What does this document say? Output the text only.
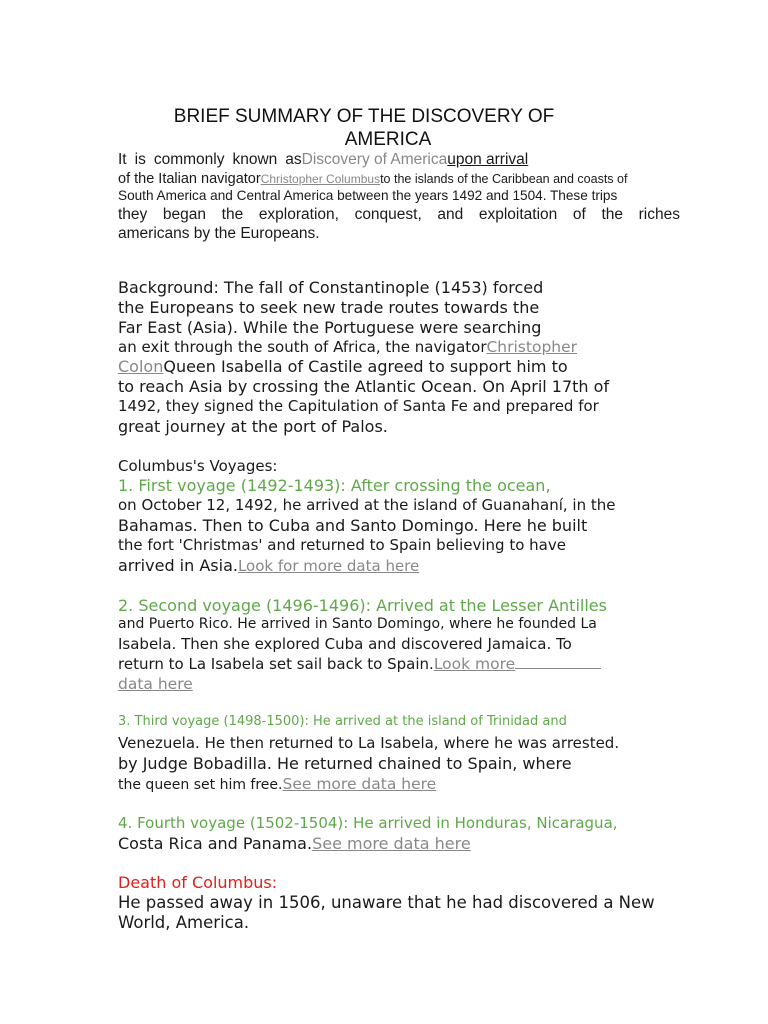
BRIEF SUMMARY OF THE DISCOVERY OF
AMERICA
It is commonly known asDiscovery of Americaupon arrival
of the Italian navigatorChristopher Columbusto the islands of the Caribbean and coasts of
South America and Central America between the years 1492 and 1504. These trips
they began the exploration, conquest, and exploitation of the riches
americans by the Europeans.
Background: The fall of Constantinople (1453) forced
the Europeans to seek new trade routes towards the
Far East (Asia). While the Portuguese were searching
an exit through the south of Africa, the navigatorChristopher
ColonQueen Isabella of Castile agreed to support him to
to reach Asia by crossing the Atlantic Ocean. On April 17th of
1492, they signed the Capitulation of Santa Fe and prepared for
great journey at the port of Palos.
Columbus's Voyages:
1. First voyage (1492-1493): After crossing the ocean,
on October 12, 1492, he arrived at the island of Guanahaní, in the
Bahamas. Then to Cuba and Santo Domingo. Here he built
the fort 'Christmas' and returned to Spain believing to have
arrived in Asia.Look for more data here
2. Second voyage (1496-1496): Arrived at the Lesser Antilles
and Puerto Rico. He arrived in Santo Domingo, where he founded La
Isabela. Then she explored Cuba and discovered Jamaica. To
return to La Isabela set sail back to Spain.Look more
data here
3. Third voyage (1498-1500): He arrived at the island of Trinidad and
Venezuela. He then returned to La Isabela, where he was arrested.
by Judge Bobadilla. He returned chained to Spain, where
the queen set him free.See more data here
4. Fourth voyage (1502-1504): He arrived in Honduras, Nicaragua,
Costa Rica and Panama.See more data here
Death of Columbus:
He passed away in 1506, unaware that he had discovered a New
World, America.
